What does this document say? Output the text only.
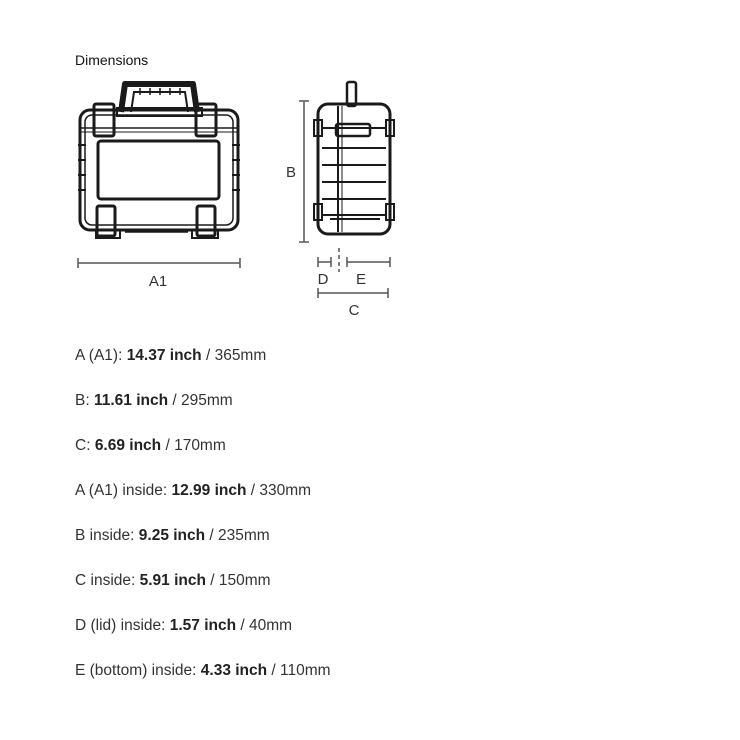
Dimensions
A1
B
D E
C
A (A1): 14.37 inch / 365mm
B: 11.61 inch / 295mm
C: 6.69 inch / 170mm
A (A1) inside: 12.99 inch / 330mm
B inside: 9.25 inch / 235mm
C inside: 5.91 inch / 150mm
D (lid) inside: 1.57 inch / 40mm
E (bottom) inside: 4.33 inch / 110mm
